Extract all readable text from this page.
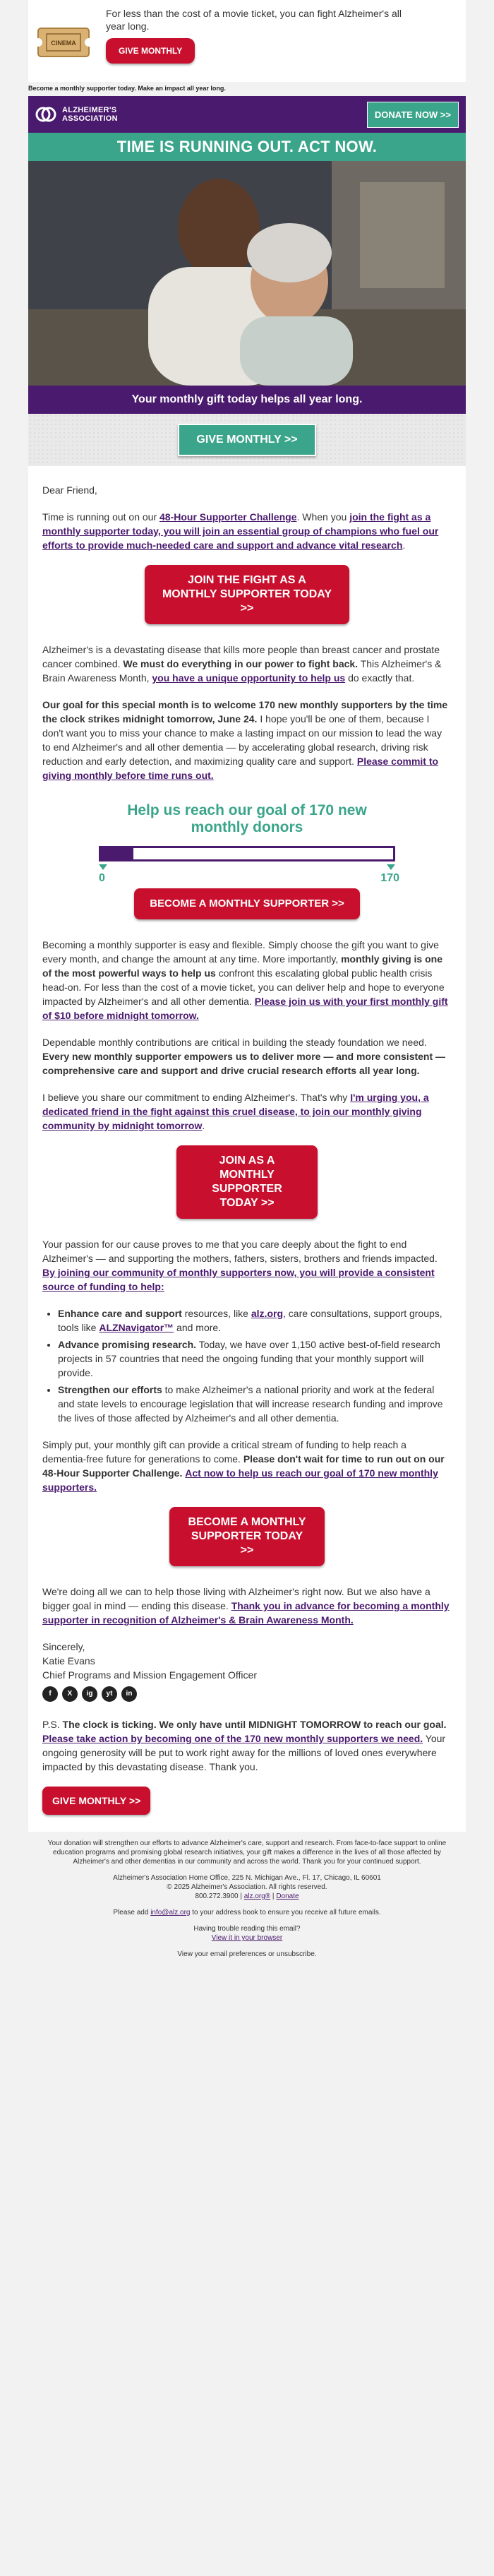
CINEMA
For less than the cost of a movie ticket, you can fight Alzheimer's all year long.
GIVE MONTHLY
Become a monthly supporter today. Make an impact all year long.
ALZHEIMER'S
ASSOCIATION	DONATE NOW >>
TIME IS RUNNING OUT. ACT NOW.
Your monthly gift today helps all year long.
GIVE MONTHLY >>

Dear Friend,

Time is running out on our 48-Hour Supporter Challenge. When you join the fight as a monthly supporter today, you will join an essential group of champions who fuel our efforts to provide much-needed care and support and advance vital research.

JOIN THE FIGHT AS A MONTHLY SUPPORTER TODAY >>

Alzheimer's is a devastating disease that kills more people than breast cancer and prostate cancer combined. We must do everything in our power to fight back. This Alzheimer's & Brain Awareness Month, you have a unique opportunity to help us do exactly that.

Our goal for this special month is to welcome 170 new monthly supporters by the time the clock strikes midnight tomorrow, June 24. I hope you'll be one of them, because I don't want you to miss your chance to make a lasting impact on our mission to lead the way to end Alzheimer's and all other dementia — by accelerating global research, driving risk reduction and early detection, and maximizing quality care and support. Please commit to giving monthly before time runs out.

Help us reach our goal of 170 new monthly donors
0	170
BECOME A MONTHLY SUPPORTER >>

Becoming a monthly supporter is easy and flexible. Simply choose the gift you want to give every month, and change the amount at any time. More importantly, monthly giving is one of the most powerful ways to help us confront this escalating global public health crisis head-on. For less than the cost of a movie ticket, you can deliver help and hope to everyone impacted by Alzheimer's and all other dementia. Please join us with your first monthly gift of $10 before midnight tomorrow.

Dependable monthly contributions are critical in building the steady foundation we need. Every new monthly supporter empowers us to deliver more — and more consistent — comprehensive care and support and drive crucial research efforts all year long.

I believe you share our commitment to ending Alzheimer's. That's why I'm urging you, a dedicated friend in the fight against this cruel disease, to join our monthly giving community by midnight tomorrow.

JOIN AS A MONTHLY SUPPORTER TODAY >>

Your passion for our cause proves to me that you care deeply about the fight to end Alzheimer's — and supporting the mothers, fathers, sisters, brothers and friends impacted. By joining our community of monthly supporters now, you will provide a consistent source of funding to help:

• Enhance care and support resources, like alz.org, care consultations, support groups, tools like ALZNavigator™ and more.
• Advance promising research. Today, we have over 1,150 active best-of-field research projects in 57 countries that need the ongoing funding that your monthly support will provide.
• Strengthen our efforts to make Alzheimer's a national priority and work at the federal and state levels to encourage legislation that will increase research funding and improve the lives of those affected by Alzheimer's and all other dementia.

Simply put, your monthly gift can provide a critical stream of funding to help reach a dementia-free future for generations to come. Please don't wait for time to run out on our 48-Hour Supporter Challenge. Act now to help us reach our goal of 170 new monthly supporters.

BECOME A MONTHLY SUPPORTER TODAY >>

We're doing all we can to help those living with Alzheimer's right now. But we also have a bigger goal in mind — ending this disease. Thank you in advance for becoming a monthly supporter in recognition of Alzheimer's & Brain Awareness Month.

Sincerely,

Katie Evans

Chief Programs and Mission Engagement Officer

f	X	ig	yt	in

P.S. The clock is ticking. We only have until MIDNIGHT TOMORROW to reach our goal. Please take action by becoming one of the 170 new monthly supporters we need. Your ongoing generosity will be put to work right away for the millions of loved ones everywhere impacted by this devastating disease. Thank you.

GIVE MONTHLY >>

Your donation will strengthen our efforts to advance Alzheimer's care, support and research. From face-to-face support to online education programs and promising global research initiatives, your gift makes a difference in the lives of all those affected by Alzheimer's and other dementias in our community and across the world. Thank you for your continued support.

Alzheimer's Association Home Office, 225 N. Michigan Ave., Fl. 17, Chicago, IL 60601
© 2025 Alzheimer's Association. All rights reserved.
800.272.3900 | alz.org® | Donate

Please add info@alz.org to your address book to ensure you receive all future emails.

Having trouble reading this email?
View it in your browser

View your email preferences or unsubscribe.
